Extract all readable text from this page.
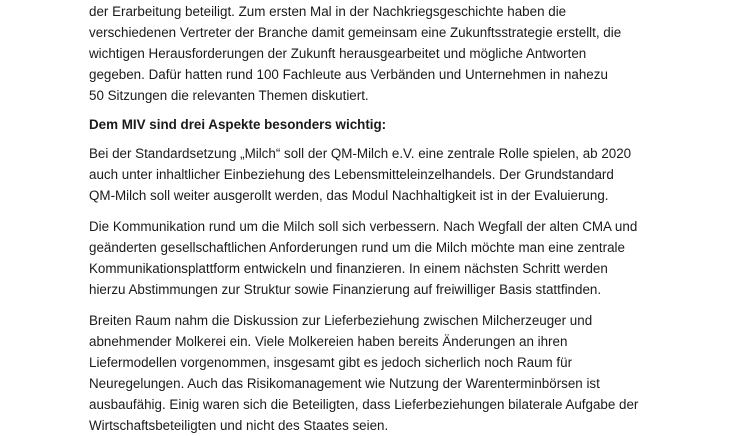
der Erarbeitung beteiligt. Zum ersten Mal in der Nachkriegsgeschichte haben die
verschiedenen Vertreter der Branche damit gemeinsam eine Zukunftsstrategie erstellt, die
wichtigen Herausforderungen der Zukunft herausgearbeitet und mögliche Antworten
gegeben. Dafür hatten rund 100 Fachleute aus Verbänden und Unternehmen in nahezu
50 Sitzungen die relevanten Themen diskutiert.

Dem MIV sind drei Aspekte besonders wichtig:

Bei der Standardsetzung „Milch“ soll der QM-Milch e.V. eine zentrale Rolle spielen, ab 2020
auch unter inhaltlicher Einbeziehung des Lebensmitteleinzelhandels. Der Grundstandard
QM-Milch soll weiter ausgerollt werden, das Modul Nachhaltigkeit ist in der Evaluierung.

Die Kommunikation rund um die Milch soll sich verbessern. Nach Wegfall der alten CMA und
geänderten gesellschaftlichen Anforderungen rund um die Milch möchte man eine zentrale
Kommunikationsplattform entwickeln und finanzieren. In einem nächsten Schritt werden
hierzu Abstimmungen zur Struktur sowie Finanzierung auf freiwilliger Basis stattfinden.

Breiten Raum nahm die Diskussion zur Lieferbeziehung zwischen Milcherzeuger und
abnehmender Molkerei ein. Viele Molkereien haben bereits Änderungen an ihren
Liefermodellen vorgenommen, insgesamt gibt es jedoch sicherlich noch Raum für
Neuregelungen. Auch das Risikomanagement wie Nutzung der Warenterminbörsen ist
ausbaufähig. Einig waren sich die Beteiligten, dass Lieferbeziehungen bilaterale Aufgabe der
Wirtschaftsbeteiligten und nicht des Staates seien.
